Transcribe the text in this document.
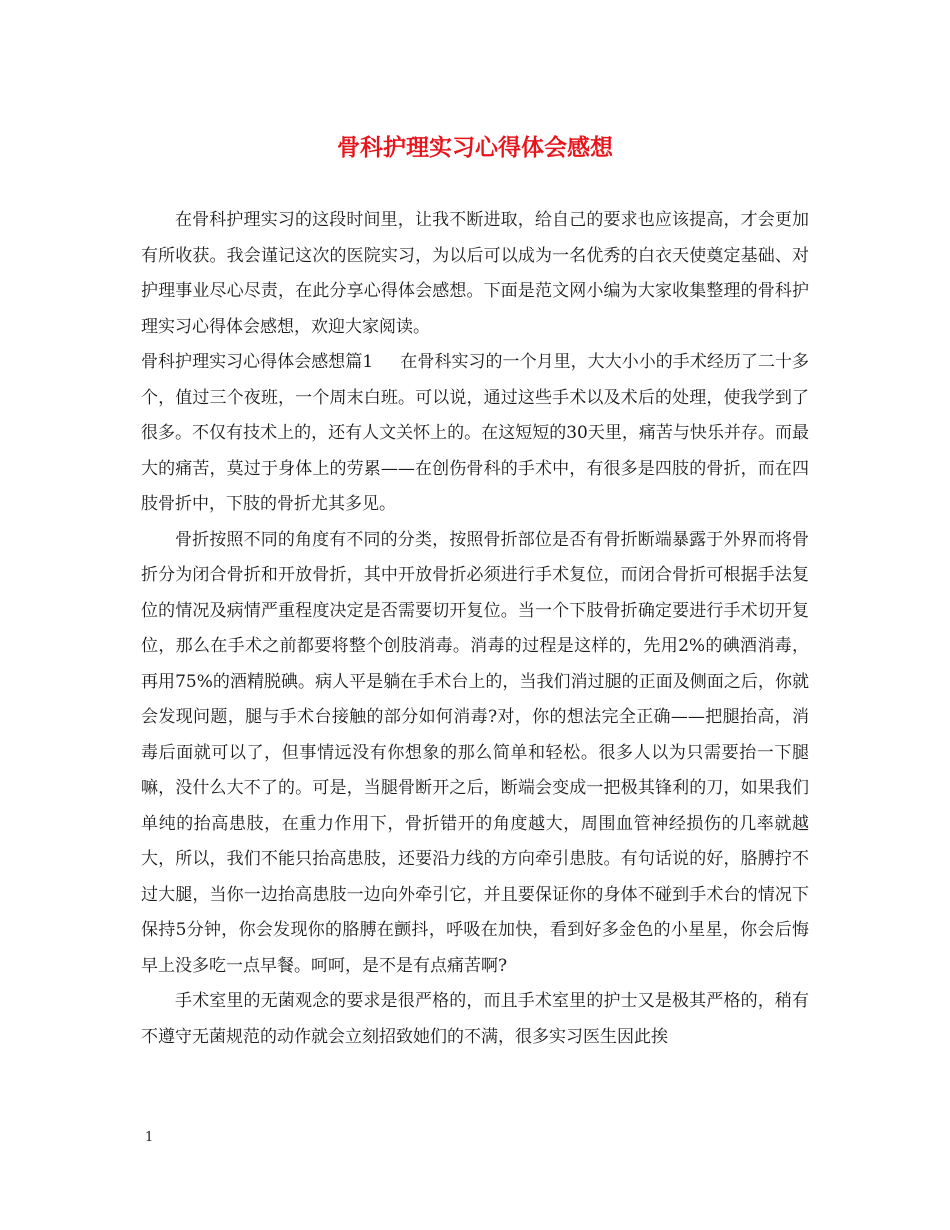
骨科护理实习心得体会感想

在骨科护理实习的这段时间里，让我不断进取，给自己的要求也应该提高，才会更加有所收获。我会谨记这次的医院实习，为以后可以成为一名优秀的白衣天使奠定基础、对护理事业尽心尽责，在此分享心得体会感想。下面是范文网小编为大家收集整理的骨科护理实习心得体会感想，欢迎大家阅读。

骨科护理实习心得体会感想篇1 在骨科实习的一个月里，大大小小的手术经历了二十多个，值过三个夜班，一个周末白班。可以说，通过这些手术以及术后的处理，使我学到了很多。不仅有技术上的，还有人文关怀上的。在这短短的30天里，痛苦与快乐并存。而最大的痛苦，莫过于身体上的劳累——在创伤骨科的手术中，有很多是四肢的骨折，而在四肢骨折中，下肢的骨折尤其多见。

骨折按照不同的角度有不同的分类，按照骨折部位是否有骨折断端暴露于外界而将骨折分为闭合骨折和开放骨折，其中开放骨折必须进行手术复位，而闭合骨折可根据手法复位的情况及病情严重程度决定是否需要切开复位。当一个下肢骨折确定要进行手术切开复位，那么在手术之前都要将整个创肢消毒。消毒的过程是这样的，先用2%的碘酒消毒，再用75%的酒精脱碘。病人平是躺在手术台上的，当我们消过腿的正面及侧面之后，你就会发现问题，腿与手术台接触的部分如何消毒?对，你的想法完全正确——把腿抬高，消毒后面就可以了，但事情远没有你想象的那么简单和轻松。很多人以为只需要抬一下腿嘛，没什么大不了的。可是，当腿骨断开之后，断端会变成一把极其锋利的刀，如果我们单纯的抬高患肢，在重力作用下，骨折错开的角度越大，周围血管神经损伤的几率就越大，所以，我们不能只抬高患肢，还要沿力线的方向牵引患肢。有句话说的好，胳膊拧不过大腿，当你一边抬高患肢一边向外牵引它，并且要保证你的身体不碰到手术台的情况下保持5分钟，你会发现你的胳膊在颤抖，呼吸在加快，看到好多金色的小星星，你会后悔早上没多吃一点早餐。呵呵，是不是有点痛苦啊?

手术室里的无菌观念的要求是很严格的，而且手术室里的护士又是极其严格的，稍有不遵守无菌规范的动作就会立刻招致她们的不满，很多实习医生因此挨

1
